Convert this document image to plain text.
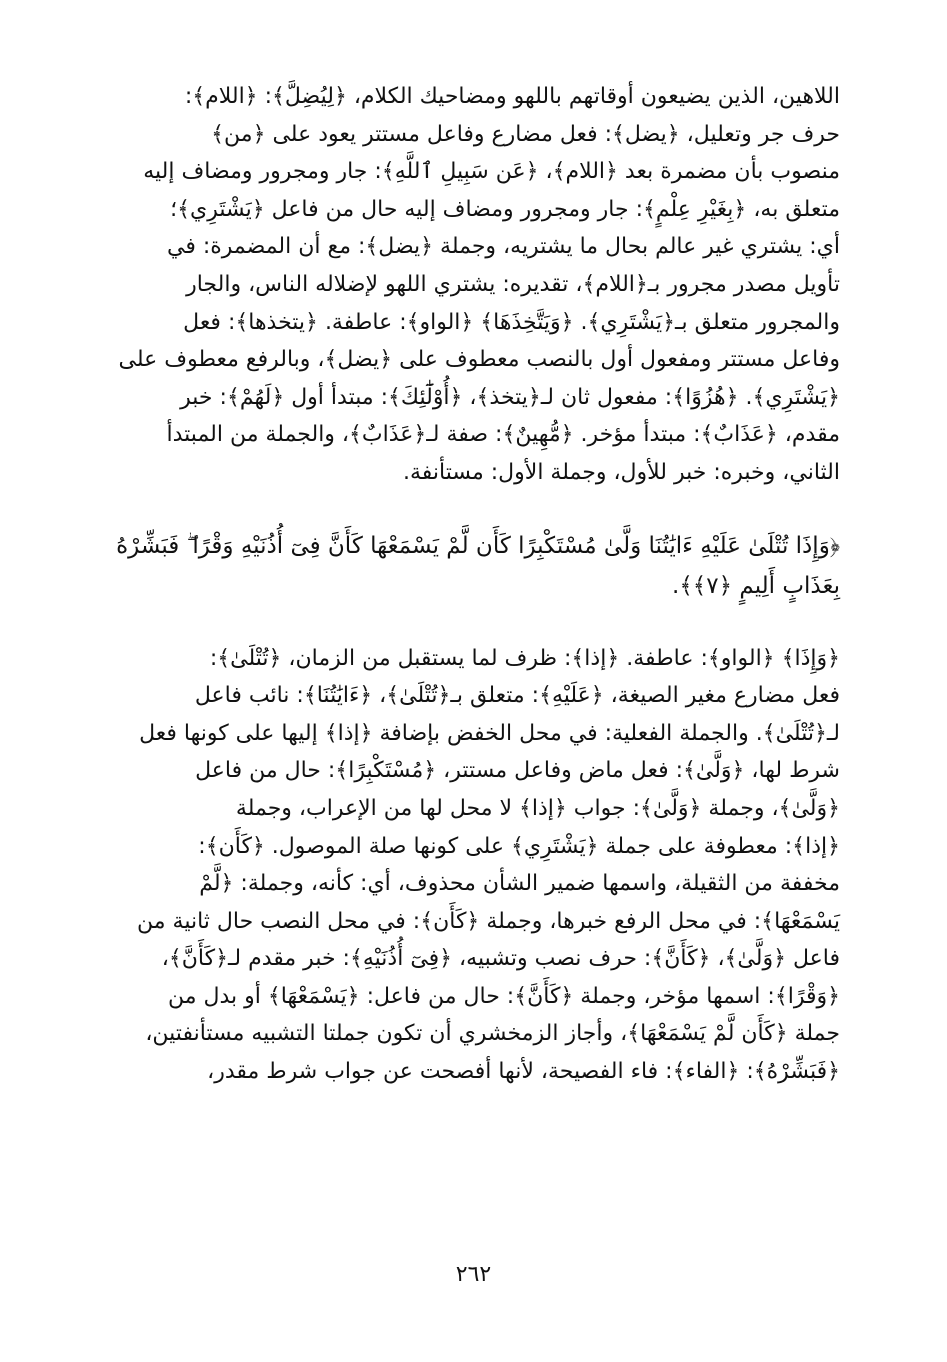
اللاهين، الذين يضيعون أوقاتهم باللهو ومضاحيك الكلام، ﴿لِيُضِلَّ﴾: ﴿اللام﴾:

حرف جر وتعليل، ﴿يضل﴾: فعل مضارع وفاعل مستتر يعود على ﴿من﴾

منصوب بأن مضمرة بعد ﴿اللام﴾، ﴿عَن سَبِيلِ ٱللَّهِ﴾: جار ومجرور ومضاف إليه

متعلق به، ﴿بِغَيْرِ عِلْمٍ﴾: جار ومجرور ومضاف إليه حال من فاعل ﴿يَشْتَرِي﴾؛

أي: يشتري غير عالم بحال ما يشتريه، وجملة ﴿يضل﴾: مع أن المضمرة: في

تأويل مصدر مجرور بـ﴿اللام﴾، تقديره: يشتري اللهو لإضلاله الناس، والجار

والمجرور متعلق بـ﴿يَشْتَرِي﴾. ﴿وَيَتَّخِذَهَا﴾ ﴿الواو﴾: عاطفة. ﴿يتخذها﴾: فعل

وفاعل مستتر ومفعول أول بالنصب معطوف على ﴿يضل﴾، وبالرفع معطوف على

﴿يَشْتَرِي﴾. ﴿هُزُوًا﴾: مفعول ثان لـ﴿يتخذ﴾، ﴿أُوْلَٰٓئِكَ﴾: مبتدأ أول ﴿لَهُمْ﴾: خبر

مقدم، ﴿عَذَابٌ﴾: مبتدأ مؤخر. ﴿مُّهِينٌ﴾: صفة لـ﴿عَذَابٌ﴾، والجملة من المبتدأ

الثاني، وخبره: خبر للأول، وجملة الأول: مستأنفة.

﴿وَإِذَا تُتْلَىٰ عَلَيْهِ ءَايَٰتُنَا وَلَّىٰ مُسْتَكْبِرًا كَأَن لَّمْ يَسْمَعْهَا كَأَنَّ فِىٓ أُذُنَيْهِ وَقْرًا ۖ فَبَشِّرْهُ

بِعَذَابٍ أَلِيمٍ ﴿٧﴾﴾.

﴿وَإِذَا﴾ ﴿الواو﴾: عاطفة. ﴿إذا﴾: ظرف لما يستقبل من الزمان، ﴿تُتْلَىٰ﴾:

فعل مضارع مغير الصيغة، ﴿عَلَيْهِ﴾: متعلق بـ﴿تُتْلَىٰ﴾، ﴿ءَايَٰتُنَا﴾: نائب فاعل

لـ﴿تُتْلَىٰ﴾. والجملة الفعلية: في محل الخفض بإضافة ﴿إذا﴾ إليها على كونها فعل

شرط لها، ﴿وَلَّىٰ﴾: فعل ماض وفاعل مستتر، ﴿مُسْتَكْبِرًا﴾: حال من فاعل

﴿وَلَّىٰ﴾، وجملة ﴿وَلَّىٰ﴾: جواب ﴿إذا﴾ لا محل لها من الإعراب، وجملة

﴿إذا﴾: معطوفة على جملة ﴿يَشْتَرِي﴾ على كونها صلة الموصول. ﴿كَأَن﴾:

مخففة من الثقيلة، واسمها ضمير الشأن محذوف، أي: كأنه، وجملة: ﴿لَّمْ

يَسْمَعْهَا﴾: في محل الرفع خبرها، وجملة ﴿كَأَن﴾: في محل النصب حال ثانية من

فاعل ﴿وَلَّىٰ﴾، ﴿كَأَنَّ﴾: حرف نصب وتشبيه، ﴿فِىٓ أُذُنَيْهِ﴾: خبر مقدم لـ﴿كَأَنَّ﴾،

﴿وَقْرًا﴾: اسمها مؤخر، وجملة ﴿كَأَنَّ﴾: حال من فاعل: ﴿يَسْمَعْهَا﴾ أو بدل من

جملة ﴿كَأَن لَّمْ يَسْمَعْهَا﴾، وأجاز الزمخشري أن تكون جملتا التشبيه مستأنفتين،

﴿فَبَشِّرْهُ﴾: ﴿الفاء﴾: فاء الفصيحة، لأنها أفصحت عن جواب شرط مقدر،

٢٦٢
